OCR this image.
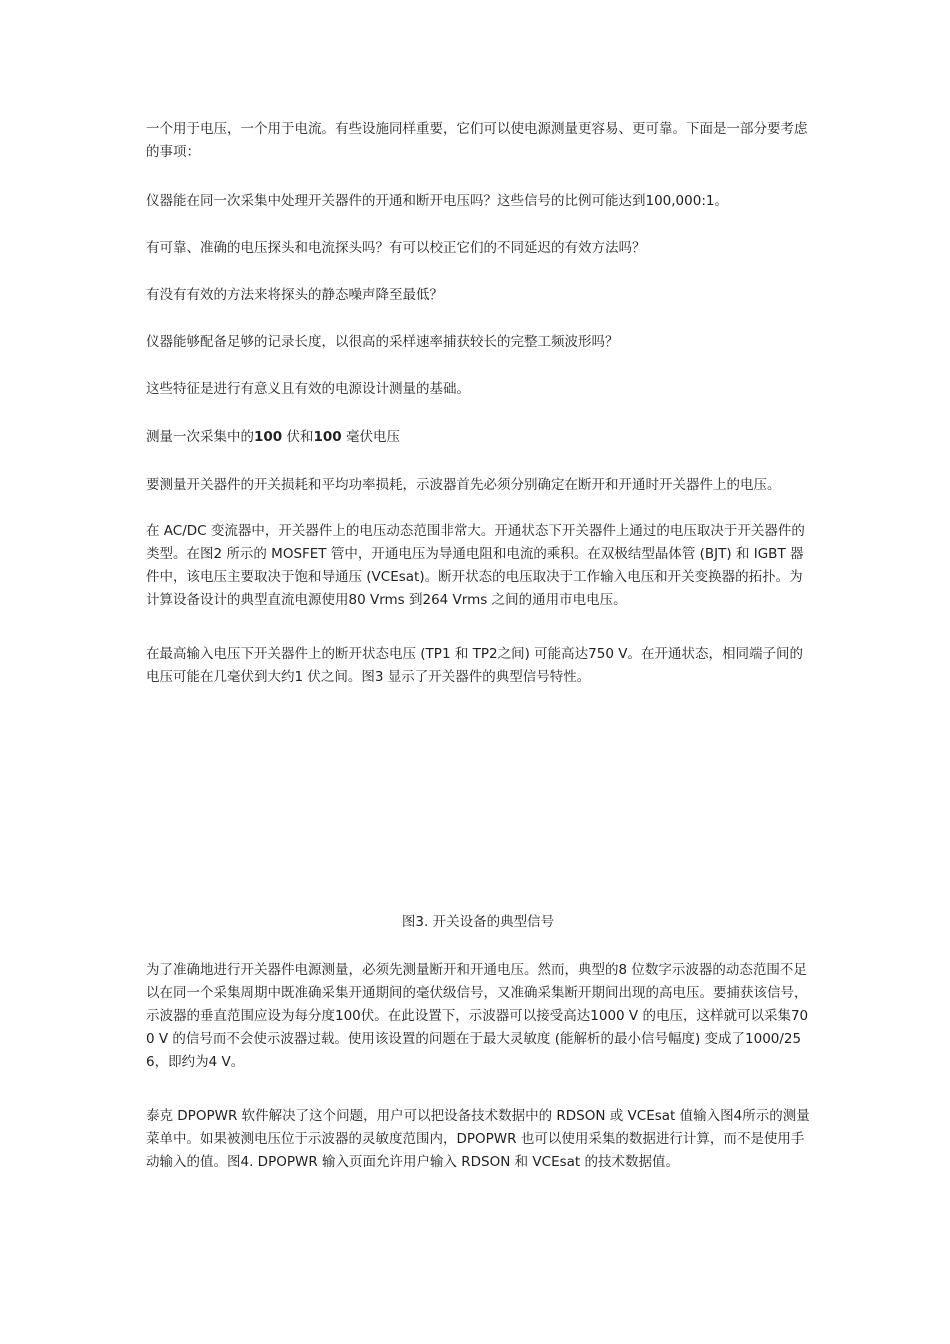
一个用于电压，一个用于电流。有些设施同样重要，它们可以使电源测量更容易、更可靠。下面是一部分要考虑的事项：

仪器能在同一次采集中处理开关器件的开通和断开电压吗？这些信号的比例可能达到100,000:1。

有可靠、准确的电压探头和电流探头吗？有可以校正它们的不同延迟的有效方法吗？

有没有有效的方法来将探头的静态噪声降至最低？

仪器能够配备足够的记录长度，以很高的采样速率捕获较长的完整工频波形吗？

这些特征是进行有意义且有效的电源设计测量的基础。

测量一次采集中的100 伏和100 毫伏电压

要测量开关器件的开关损耗和平均功率损耗，示波器首先必须分别确定在断开和开通时开关器件上的电压。

在 AC/DC 变流器中，开关器件上的电压动态范围非常大。开通状态下开关器件上通过的电压取决于开关器件的类型。在图2 所示的 MOSFET 管中，开通电压为导通电阻和电流的乘积。在双极结型晶体管 (BJT) 和 IGBT 器件中，该电压主要取决于饱和导通压 (VCEsat)。断开状态的电压取决于工作输入电压和开关变换器的拓扑。为计算设备设计的典型直流电源使用80 Vrms 到264 Vrms 之间的通用市电电压。

在最高输入电压下开关器件上的断开状态电压 (TP1 和 TP2之间) 可能高达750 V。在开通状态，相同端子间的电压可能在几毫伏到大约1 伏之间。图3 显示了开关器件的典型信号特性。

图3. 开关设备的典型信号

为了准确地进行开关器件电源测量，必须先测量断开和开通电压。然而，典型的8 位数字示波器的动态范围不足以在同一个采集周期中既准确采集开通期间的毫伏级信号，又准确采集断开期间出现的高电压。要捕获该信号，示波器的垂直范围应设为每分度100伏。在此设置下，示波器可以接受高达1000 V 的电压，这样就可以采集700 V 的信号而不会使示波器过载。使用该设置的问题在于最大灵敏度 (能解析的最小信号幅度) 变成了1000/256，即约为4 V。

泰克 DPOPWR 软件解决了这个问题，用户可以把设备技术数据中的 RDSON 或 VCEsat 值输入图4所示的测量菜单中。如果被测电压位于示波器的灵敏度范围内，DPOPWR 也可以使用采集的数据进行计算，而不是使用手动输入的值。图4. DPOPWR 输入页面允许用户输入 RDSON 和 VCEsat 的技术数据值。
